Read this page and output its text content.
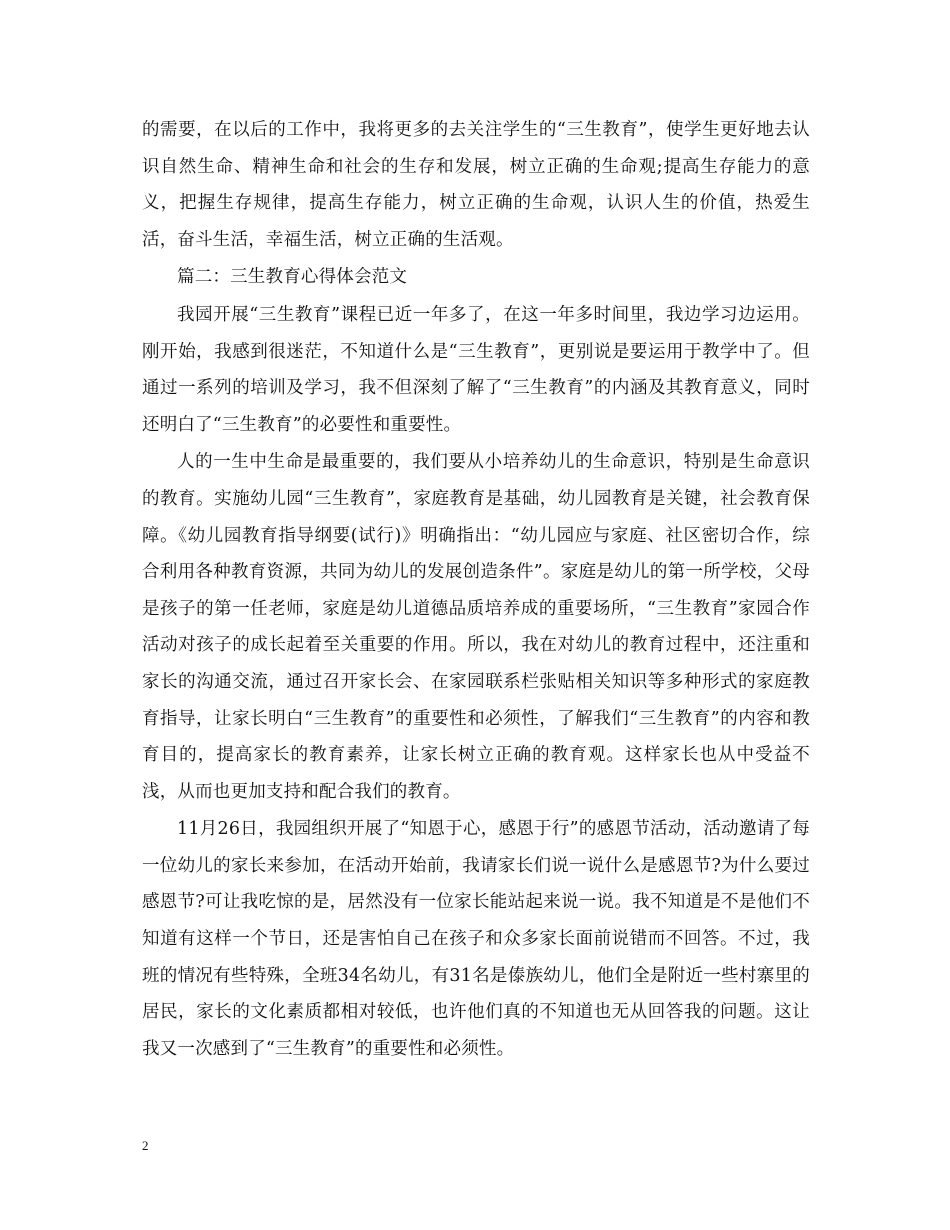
的需要，在以后的工作中，我将更多的去关注学生的“三生教育”，使学生更好地去认识自然生命、精神生命和社会的生存和发展，树立正确的生命观;提高生存能力的意义，把握生存规律，提高生存能力，树立正确的生命观，认识人生的价值，热爱生活，奋斗生活，幸福生活，树立正确的生活观。

篇二：三生教育心得体会范文

我园开展“三生教育”课程已近一年多了，在这一年多时间里，我边学习边运用。刚开始，我感到很迷茫，不知道什么是“三生教育”，更别说是要运用于教学中了。但通过一系列的培训及学习，我不但深刻了解了“三生教育”的内涵及其教育意义，同时还明白了“三生教育”的必要性和重要性。

人的一生中生命是最重要的，我们要从小培养幼儿的生命意识，特别是生命意识的教育。实施幼儿园“三生教育”，家庭教育是基础，幼儿园教育是关键，社会教育保障。《幼儿园教育指导纲要(试行)》明确指出：“幼儿园应与家庭、社区密切合作，综合利用各种教育资源，共同为幼儿的发展创造条件”。家庭是幼儿的第一所学校，父母是孩子的第一任老师，家庭是幼儿道德品质培养成的重要场所，“三生教育”家园合作活动对孩子的成长起着至关重要的作用。所以，我在对幼儿的教育过程中，还注重和家长的沟通交流，通过召开家长会、在家园联系栏张贴相关知识等多种形式的家庭教育指导，让家长明白“三生教育”的重要性和必须性，了解我们“三生教育”的内容和教育目的，提高家长的教育素养，让家长树立正确的教育观。这样家长也从中受益不浅，从而也更加支持和配合我们的教育。

11月26日，我园组织开展了“知恩于心，感恩于行”的感恩节活动，活动邀请了每一位幼儿的家长来参加，在活动开始前，我请家长们说一说什么是感恩节?为什么要过感恩节?可让我吃惊的是，居然没有一位家长能站起来说一说。我不知道是不是他们不知道有这样一个节日，还是害怕自己在孩子和众多家长面前说错而不回答。不过，我班的情况有些特殊，全班34名幼儿，有31名是傣族幼儿，他们全是附近一些村寨里的居民，家长的文化素质都相对较低，也许他们真的不知道也无从回答我的问题。这让我又一次感到了“三生教育”的重要性和必须性。

2
